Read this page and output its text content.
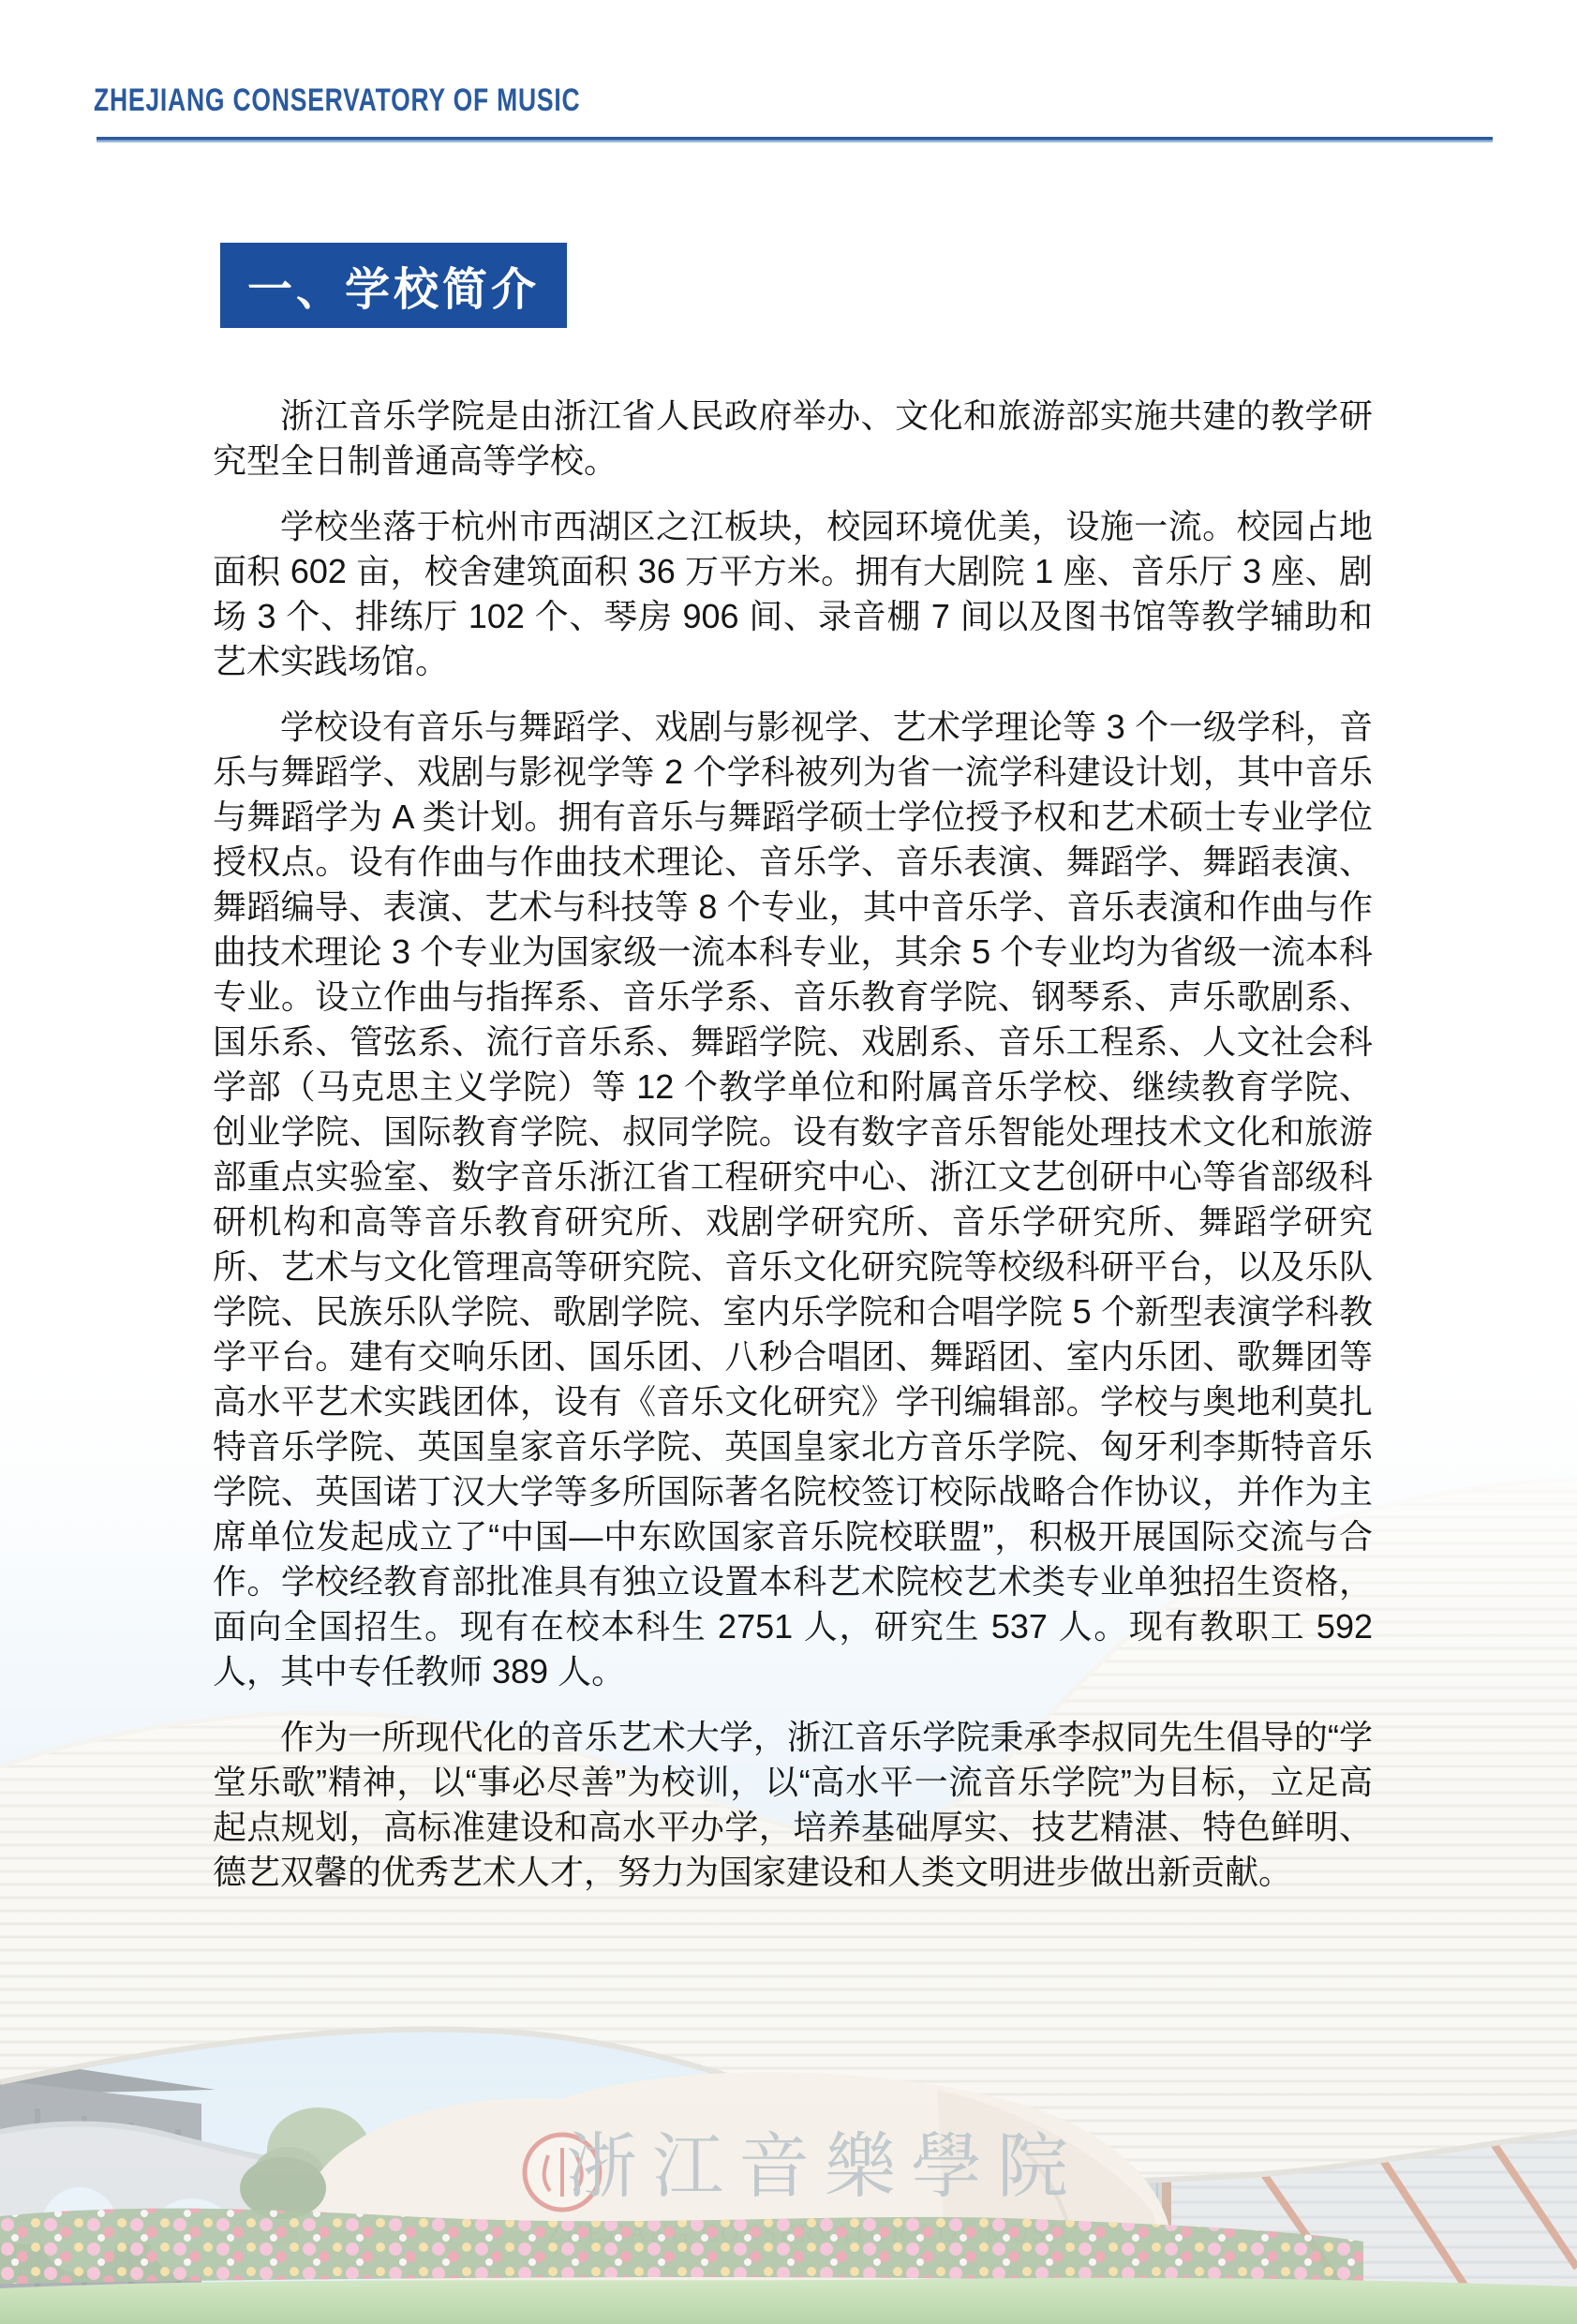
ZHEJIANG CONSERVATORY OF MUSIC
一、学校简介

浙江音乐学院是由浙江省人民政府举办、文化和旅游部实施共建的教学研究型全日制普通高等学校。

学校坐落于杭州市西湖区之江板块，校园环境优美，设施一流。校园占地面积 602 亩，校舍建筑面积 36 万平方米。拥有大剧院 1 座、音乐厅 3 座、剧场 3 个、排练厅 102 个、琴房 906 间、录音棚 7 间以及图书馆等教学辅助和艺术实践场馆。

学校设有音乐与舞蹈学、戏剧与影视学、艺术学理论等 3 个一级学科，音乐与舞蹈学、戏剧与影视学等 2 个学科被列为省一流学科建设计划，其中音乐与舞蹈学为 A 类计划。拥有音乐与舞蹈学硕士学位授予权和艺术硕士专业学位授权点。设有作曲与作曲技术理论、音乐学、音乐表演、舞蹈学、舞蹈表演、舞蹈编导、表演、艺术与科技等 8 个专业，其中音乐学、音乐表演和作曲与作曲技术理论 3 个专业为国家级一流本科专业，其余 5 个专业均为省级一流本科专业。设立作曲与指挥系、音乐学系、音乐教育学院、钢琴系、声乐歌剧系、国乐系、管弦系、流行音乐系、舞蹈学院、戏剧系、音乐工程系、人文社会科学部（马克思主义学院）等 12 个教学单位和附属音乐学校、继续教育学院、创业学院、国际教育学院、叔同学院。设有数字音乐智能处理技术文化和旅游部重点实验室、数字音乐浙江省工程研究中心、浙江文艺创研中心等省部级科研机构和高等音乐教育研究所、戏剧学研究所、音乐学研究所、舞蹈学研究所、艺术与文化管理高等研究院、音乐文化研究院等校级科研平台，以及乐队学院、民族乐队学院、歌剧学院、室内乐学院和合唱学院 5 个新型表演学科教学平台。建有交响乐团、国乐团、八秒合唱团、舞蹈团、室内乐团、歌舞团等高水平艺术实践团体，设有《音乐文化研究》学刊编辑部。学校与奥地利莫扎特音乐学院、英国皇家音乐学院、英国皇家北方音乐学院、匈牙利李斯特音乐学院、英国诺丁汉大学等多所国际著名院校签订校际战略合作协议，并作为主席单位发起成立了“中国—中东欧国家音乐院校联盟”，积极开展国际交流与合作。学校经教育部批准具有独立设置本科艺术院校艺术类专业单独招生资格，面向全国招生。现有在校本科生 2751 人，研究生 537 人。现有教职工 592 人，其中专任教师 389 人。

作为一所现代化的音乐艺术大学，浙江音乐学院秉承李叔同先生倡导的“学堂乐歌”精神，以“事必尽善”为校训，以“高水平一流音乐学院”为目标，立足高起点规划，高标准建设和高水平办学，培养基础厚实、技艺精湛、特色鲜明、德艺双馨的优秀艺术人才，努力为国家建设和人类文明进步做出新贡献。
